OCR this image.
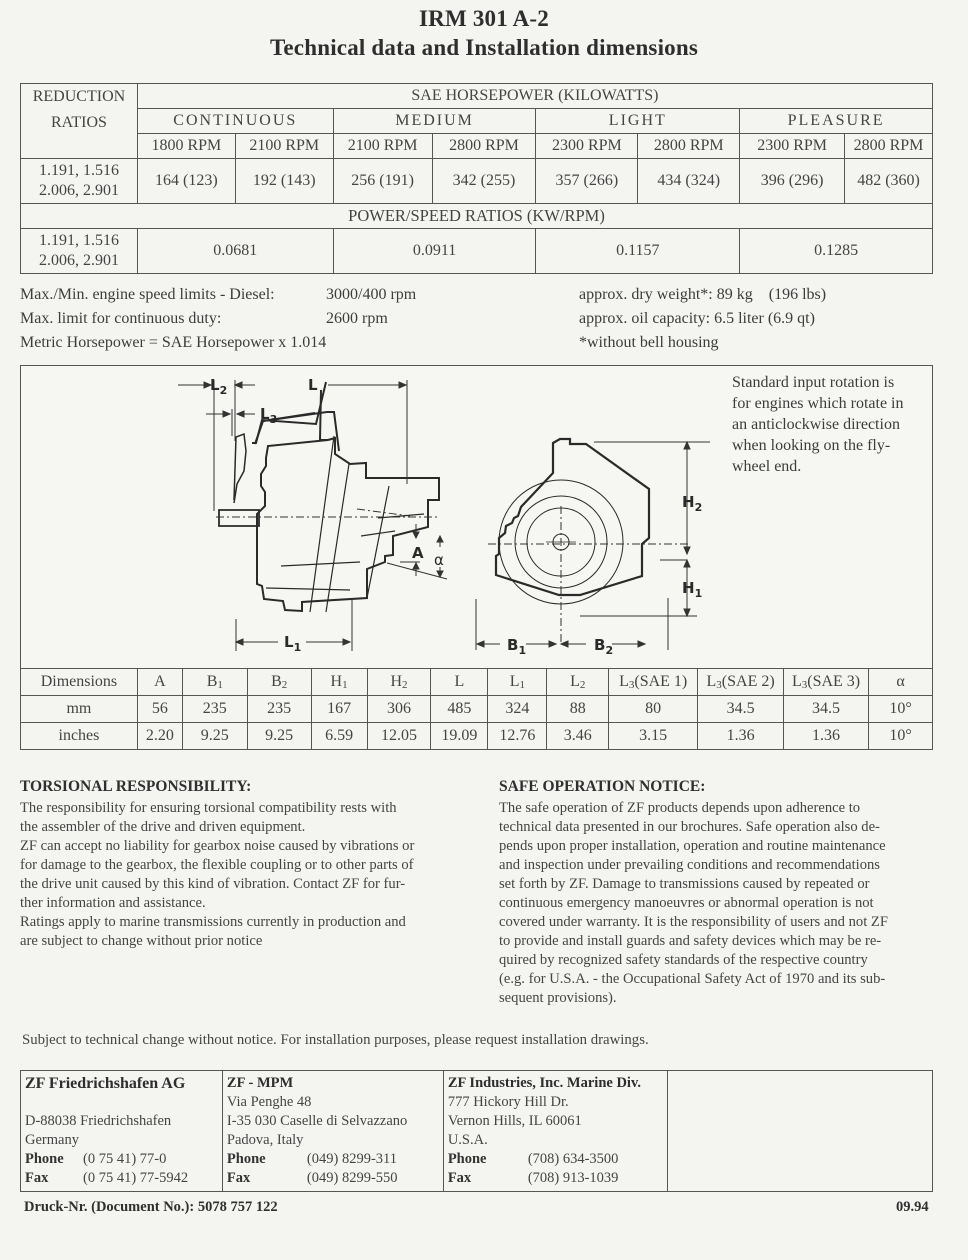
IRM 301 A-2
Technical data and Installation dimensions
REDUCTION
RATIOS	SAE HORSEPOWER (KILOWATTS)							
	CONTINUOUS		MEDIUM		LIGHT		PLEASURE	
	1800 RPM	2100 RPM	2100 RPM	2800 RPM	2300 RPM	2800 RPM	2300 RPM	2800 RPM

1.191, 1.516
2.006, 2.901	164 (123)	192 (143)	256 (191)	342 (255)	357 (266)	434 (324)	396 (296)	482 (360)
POWER/SPEED RATIOS (KW/RPM)								

1.191, 1.516
2.006, 2.901	0.0681		0.0911		0.1157		0.1285	
Max./Min. engine speed limits - Diesel:	3000/400 rpm
Max. limit for continuous duty:	2600 rpm
Metric Horsepower = SAE Horsepower x 1.014
approx. dry weight*: 89 kg    (196 lbs)
approx. oil capacity: 6.5 liter (6.9 qt)
*without bell housing
$L_2$	L
$L_3$
A α
$L_1$
$H_2$
$H_1$
$B_1$	$B_2$
Standard input rotation is
for engines which rotate in
an anticlockwise direction
when looking on the fly-
wheel end.
Dimensions	A	$B_1$	$B_2$	$H_1$	$H_2$	L	$L_1$	$L_2$	$L_3(SAE$ 1)	$L_3(SAE$ 2)	$L_3(SAE$ 3)	α
mm	56	235	235	167	306	485	324	88	80	34.5	34.5	10°
inches	2.20	9.25	9.25	6.59	12.05	19.09	12.76	3.46	3.15	1.36	1.36	10°
TORSIONAL RESPONSIBILITY:
The responsibility for ensuring torsional compatibility rests with
the assembler of the drive and driven equipment.
ZF can accept no liability for gearbox noise caused by vibrations or
for damage to the gearbox, the flexible coupling or to other parts of
the drive unit caused by this kind of vibration. Contact ZF for fur-
ther information and assistance.
Ratings apply to marine transmissions currently in production and
are subject to change without prior notice
SAFE OPERATION NOTICE:
The safe operation of ZF products depends upon adherence to
technical data presented in our brochures. Safe operation also de-
pends upon proper installation, operation and routine maintenance
and inspection under prevailing conditions and recommendations
set forth by ZF. Damage to transmissions caused by repeated or
continuous emergency manoeuvres or abnormal operation is not
covered under warranty. It is the responsibility of users and not ZF
to provide and install guards and safety devices which may be re-
quired by recognized safety standards of the respective country
(e.g. for U.S.A. - the Occupational Safety Act of 1970 and its sub-
sequent provisions).
Subject to technical change without notice. For installation purposes, please request installation drawings.
ZF Friedrichshafen AG
D-88038 Friedrichshafen
Germany
Phone	(0 75 41) 77-0
Fax	(0 75 41) 77-5942

ZF - MPM
Via Penghe 48
I-35 030 Caselle di Selvazzano
Padova, Italy
Phone	(049) 8299-311
Fax	(049) 8299-550

ZF Industries, Inc. Marine Div.
777 Hickory Hill Dr.
Vernon Hills, IL 60061
U.S.A.
Phone	(708) 634-3500
Fax	(708) 913-1039

Druck-Nr. (Document No.): 5078 757 122	09.94
